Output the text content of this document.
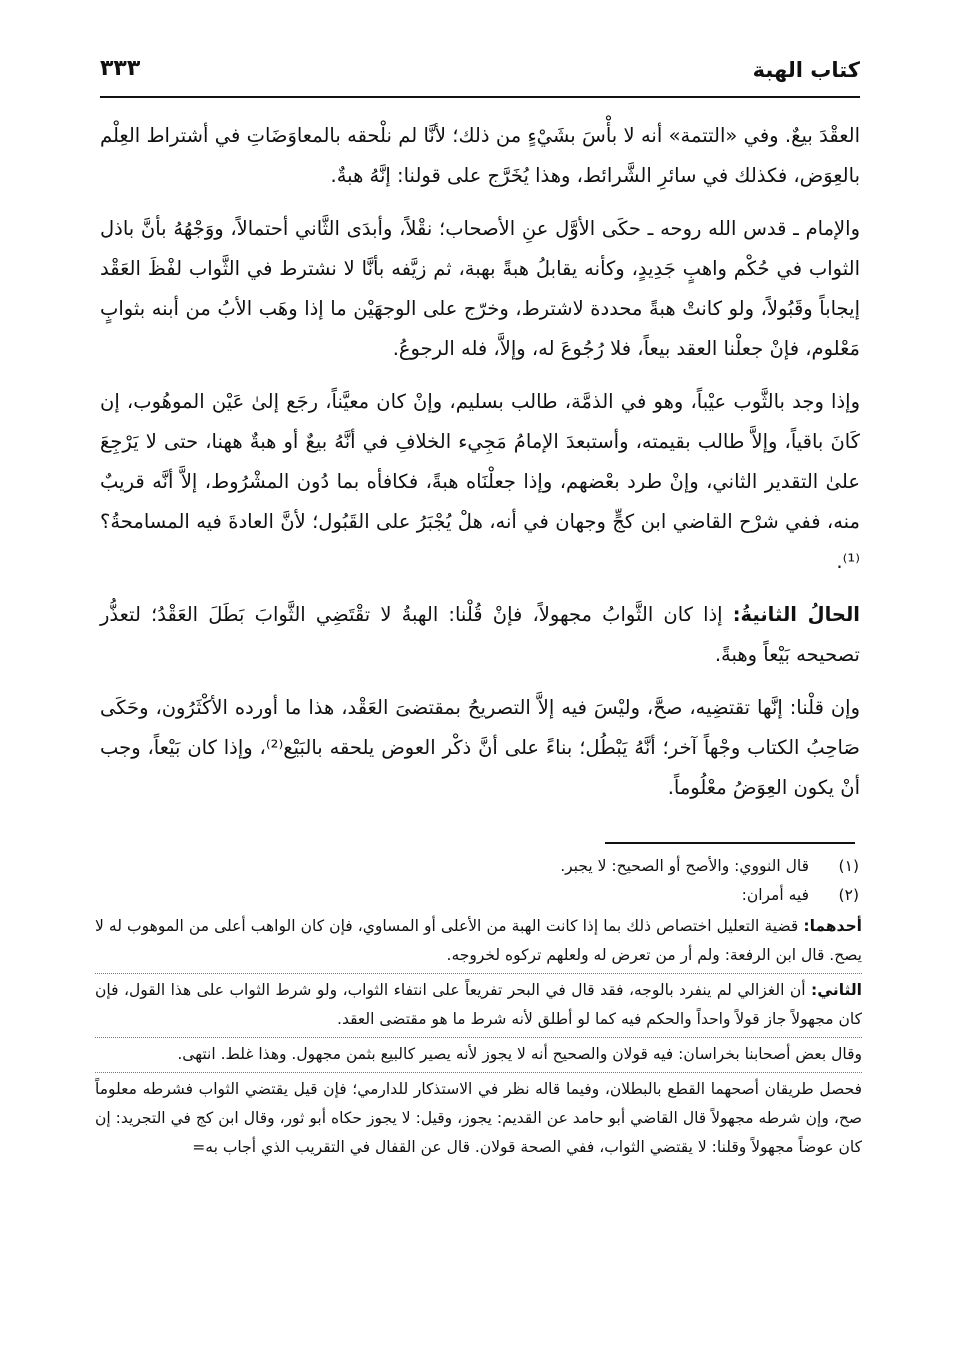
كتاب الهبة
٣٣٣

العقْدَ بيعٌ. وفي «التتمة» أنه لا بأْسَ بشَيْءٍ من ذلك؛ لأنَّا لم نلْحقه بالمعاوَضَاتِ في أشتراط العِلْم بالعِوَض، فكذلك في سائرِ الشَّرائط، وهذا يُخَرَّج على قولنا: إنَّهُ هبةٌ.

والإمام ـ قدس الله روحه ـ حكَى الأوَّل عنِ الأصحاب؛ نقْلاً، وأبدَى الثَّاني أحتمالاً، ووَجْهُهُ بأنَّ باذل الثواب في حُكْم واهبٍ جَدِيدٍ، وكأنه يقابلُ هبةً بهبة، ثم زيَّفه بأنَّا لا نشترط في الثَّواب لفْظَ العَقْد إيجاباً وقَبُولاً، ولو كانتْ هبةً محددة لاشترط، وخرّج على الوجهَيْن ما إذا وهَب الأبُ من أبنه بثوابٍ مَعْلوم، فإنْ جعلْنا العقد بيعاً، فلا رُجُوعَ له، وإلاَّ، فله الرجوعُ.

وإذا وجد بالثَّوب عيْباً، وهو في الذمَّة، طالب بسليم، وإنْ كان معيَّناً، رجَع إلىٰ عَيْن الموهُوب، إن كَانَ باقياً، وإلاَّ طالب بقيمته، وأستبعدَ الإمامُ مَجِيء الخلافِ في أنَّهُ بيعٌ أو هبةٌ ههنا، حتى لا يَرْجِعَ علىٰ التقدير الثاني، وإنْ طرد بعْضهم، وإذا جعلْنَاه هبةً، فكافأه بما دُون المشْرُوط، إلاَّ أنَّه قريبٌ منه، ففي شرْح القاضي ابن كجٍّ وجهان في أنه، هلْ يُجْبَرُ على القَبُول؛ لأنَّ العادةَ فيه المسامحةُ؟⁽¹⁾.

الحالُ الثانيةُ: إذا كان الثَّوابُ مجهولاً، فإنْ قُلْنا: الهبةُ لا تقْتَضِي الثَّوابَ بَطَلَ العَقْدُ؛ لتعذُّر تصحيحه بَيْعاً وهبةً.

وإن قلْنا: إنَّها تقتضِيه، صحَّ، وليْسَ فيه إلاَّ التصريحُ بمقتضىَ العَقْد، هذا ما أورده الأكْثَرُون، وحَكَى صَاحِبُ الكتاب وجْهاً آخر؛ أنَّهُ يَبْطُل؛ بناءً على أنَّ ذكْر العوض يلحقه بالبَيْع⁽²⁾، وإذا كان بَيْعاً، وجب أنْ يكون العِوَضُ معْلُوماً.

(١)
قال النووي: والأصح أو الصحيح: لا يجبر.
(٢)
فيه أمران:
أحدهما: قضية التعليل اختصاص ذلك بما إذا كانت الهبة من الأعلى أو المساوي، فإن كان الواهب أعلى من الموهوب له لا يصح. قال ابن الرفعة: ولم أر من تعرض له ولعلهم تركوه لخروجه.
الثاني: أن الغزالي لم ينفرد بالوجه، فقد قال في البحر تفريعاً على انتفاء الثواب، ولو شرط الثواب على هذا القول، فإن كان مجهولاً جاز قولاً واحداً والحكم فيه كما لو أطلق لأنه شرط ما هو مقتضى العقد.
وقال بعض أصحابنا بخراسان: فيه قولان والصحيح أنه لا يجوز لأنه يصير كالبيع بثمن مجهول. وهذا غلط. انتهى.
فحصل طريقان أصحهما القطع بالبطلان، وفيما قاله نظر في الاستذكار للدارمي؛ فإن قيل يقتضي الثواب فشرطه معلوماً صح، وإن شرطه مجهولاً قال القاضي أبو حامد عن القديم: يجوز، وقيل: لا يجوز حكاه أبو ثور، وقال ابن كج في التجريد: إن كان عوضاً مجهولاً وقلنا: لا يقتضي الثواب، ففي الصحة قولان. قال عن القفال في التقريب الذي أجاب به=
